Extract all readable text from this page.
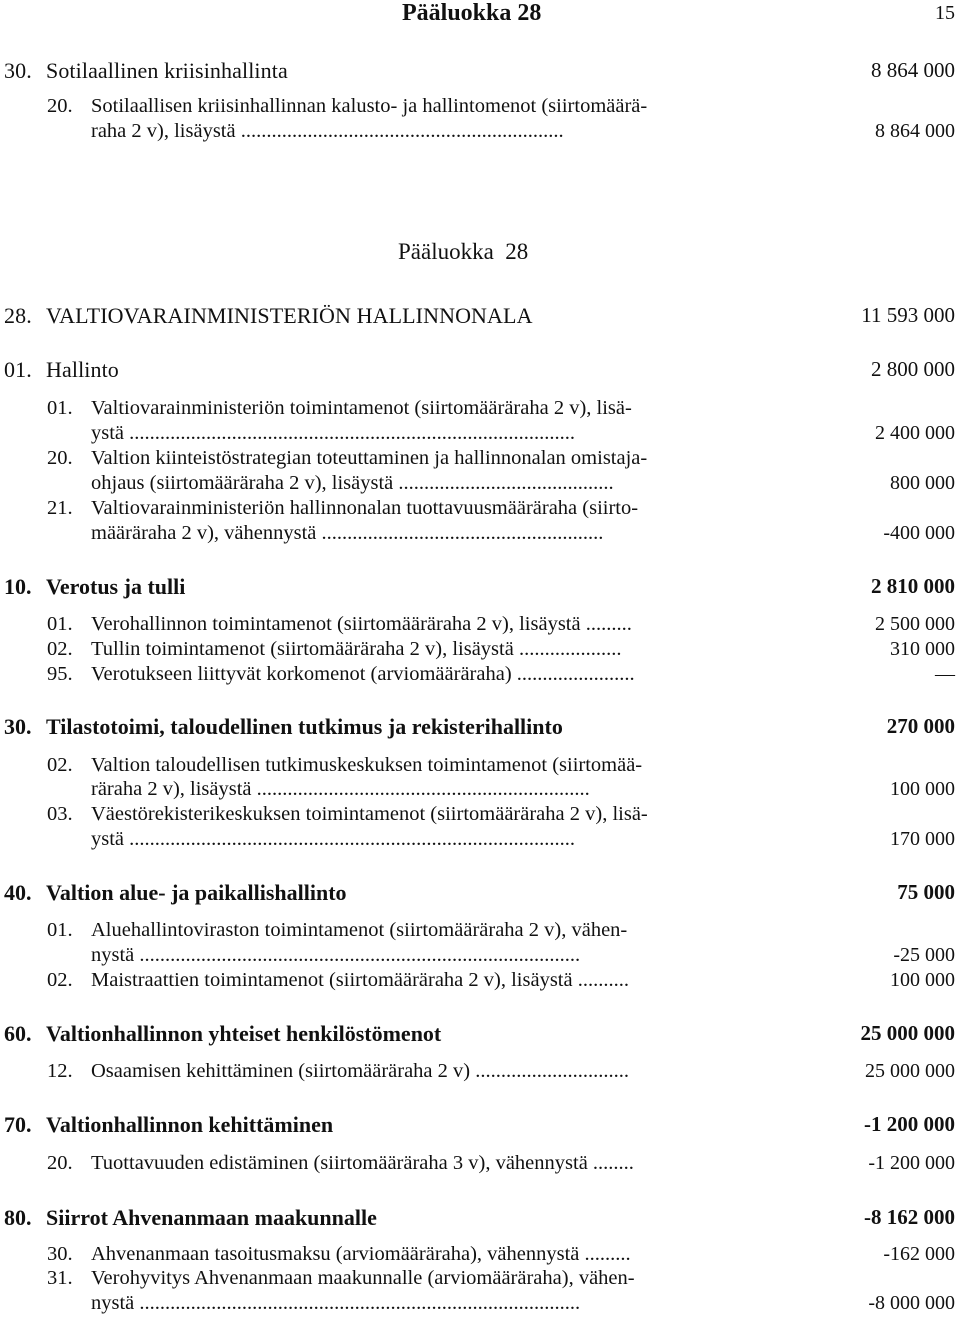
Pääluokka 28	15
30. Sotilaallinen kriisinhallinta	8 864 000
20. Sotilaallisen kriisinhallinnan kalusto- ja hallintomenot (siirtomäärä-
raha 2 v), lisäystä ...............................................................	8 864 000
Pääluokka  28
28. VALTIOVARAINMINISTERIÖN HALLINNONALA	11 593 000
01. Hallinto	2 800 000
01. Valtiovarainministeriön toimintamenot (siirtomääräraha 2 v), lisä-
ystä .......................................................................................	2 400 000
20. Valtion kiinteistöstrategian toteuttaminen ja hallinnonalan omistaja-
ohjaus (siirtomääräraha 2 v), lisäystä ..........................................	800 000
21. Valtiovarainministeriön hallinnonalan tuottavuusmääräraha (siirto-
määräraha 2 v), vähennystä .......................................................	-400 000
10. Verotus ja tulli	2 810 000
01. Verohallinnon toimintamenot (siirtomääräraha 2 v), lisäystä .........	2 500 000
02. Tullin toimintamenot (siirtomääräraha 2 v), lisäystä ....................	310 000
95. Verotukseen liittyvät korkomenot (arviomääräraha) .......................	—
30. Tilastotoimi, taloudellinen tutkimus ja rekisterihallinto	270 000
02. Valtion taloudellisen tutkimuskeskuksen toimintamenot (siirtomää-
räraha 2 v), lisäystä .................................................................	100 000
03. Väestörekisterikeskuksen toimintamenot (siirtomääräraha 2 v), lisä-
ystä .......................................................................................	170 000
40. Valtion alue- ja paikallishallinto	75 000
01. Aluehallintoviraston toimintamenot (siirtomääräraha 2 v), vähen-
nystä ......................................................................................	-25 000
02. Maistraattien toimintamenot (siirtomääräraha 2 v), lisäystä ..........	100 000
60. Valtionhallinnon yhteiset henkilöstömenot	25 000 000
12. Osaamisen kehittäminen (siirtomääräraha 2 v) ..............................	25 000 000
70. Valtionhallinnon kehittäminen	-1 200 000
20. Tuottavuuden edistäminen (siirtomääräraha 3 v), vähennystä ........	-1 200 000
80. Siirrot Ahvenanmaan maakunnalle	-8 162 000
30. Ahvenanmaan tasoitusmaksu (arviomääräraha), vähennystä .........	-162 000
31. Verohyvitys Ahvenanmaan maakunnalle (arviomääräraha), vähen-
nystä ......................................................................................	-8 000 000
